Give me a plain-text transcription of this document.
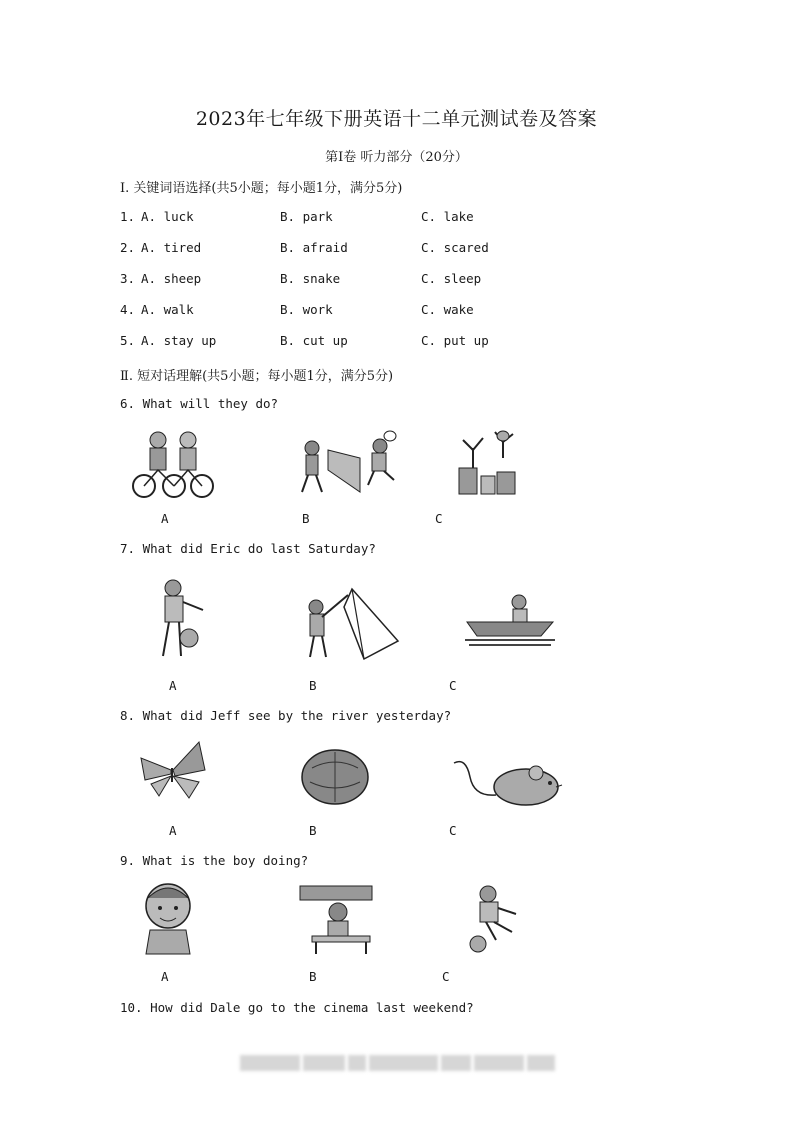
2023年七年级下册英语十二单元测试卷及答案
第Ⅰ卷 听力部分（20分）
Ⅰ. 关键词语选择(共5小题；每小题1分，满分5分)
1. A. luck	B. park	C. lake
2. A. tired	B. afraid	C. scared
3. A. sheep	B. snake	C. sleep
4. A. walk	B. work	C. wake
5. A. stay up	B. cut up	C. put up
Ⅱ. 短对话理解(共5小题；每小题1分，满分5分)
6. What will they do?
A	B	C
7. What did Eric do last Saturday?
A	B	C
8. What did Jeff see by the river yesterday?
A	B	C
9. What is the boy doing?
A	B	C
10. How did Dale go to the cinema last weekend?
